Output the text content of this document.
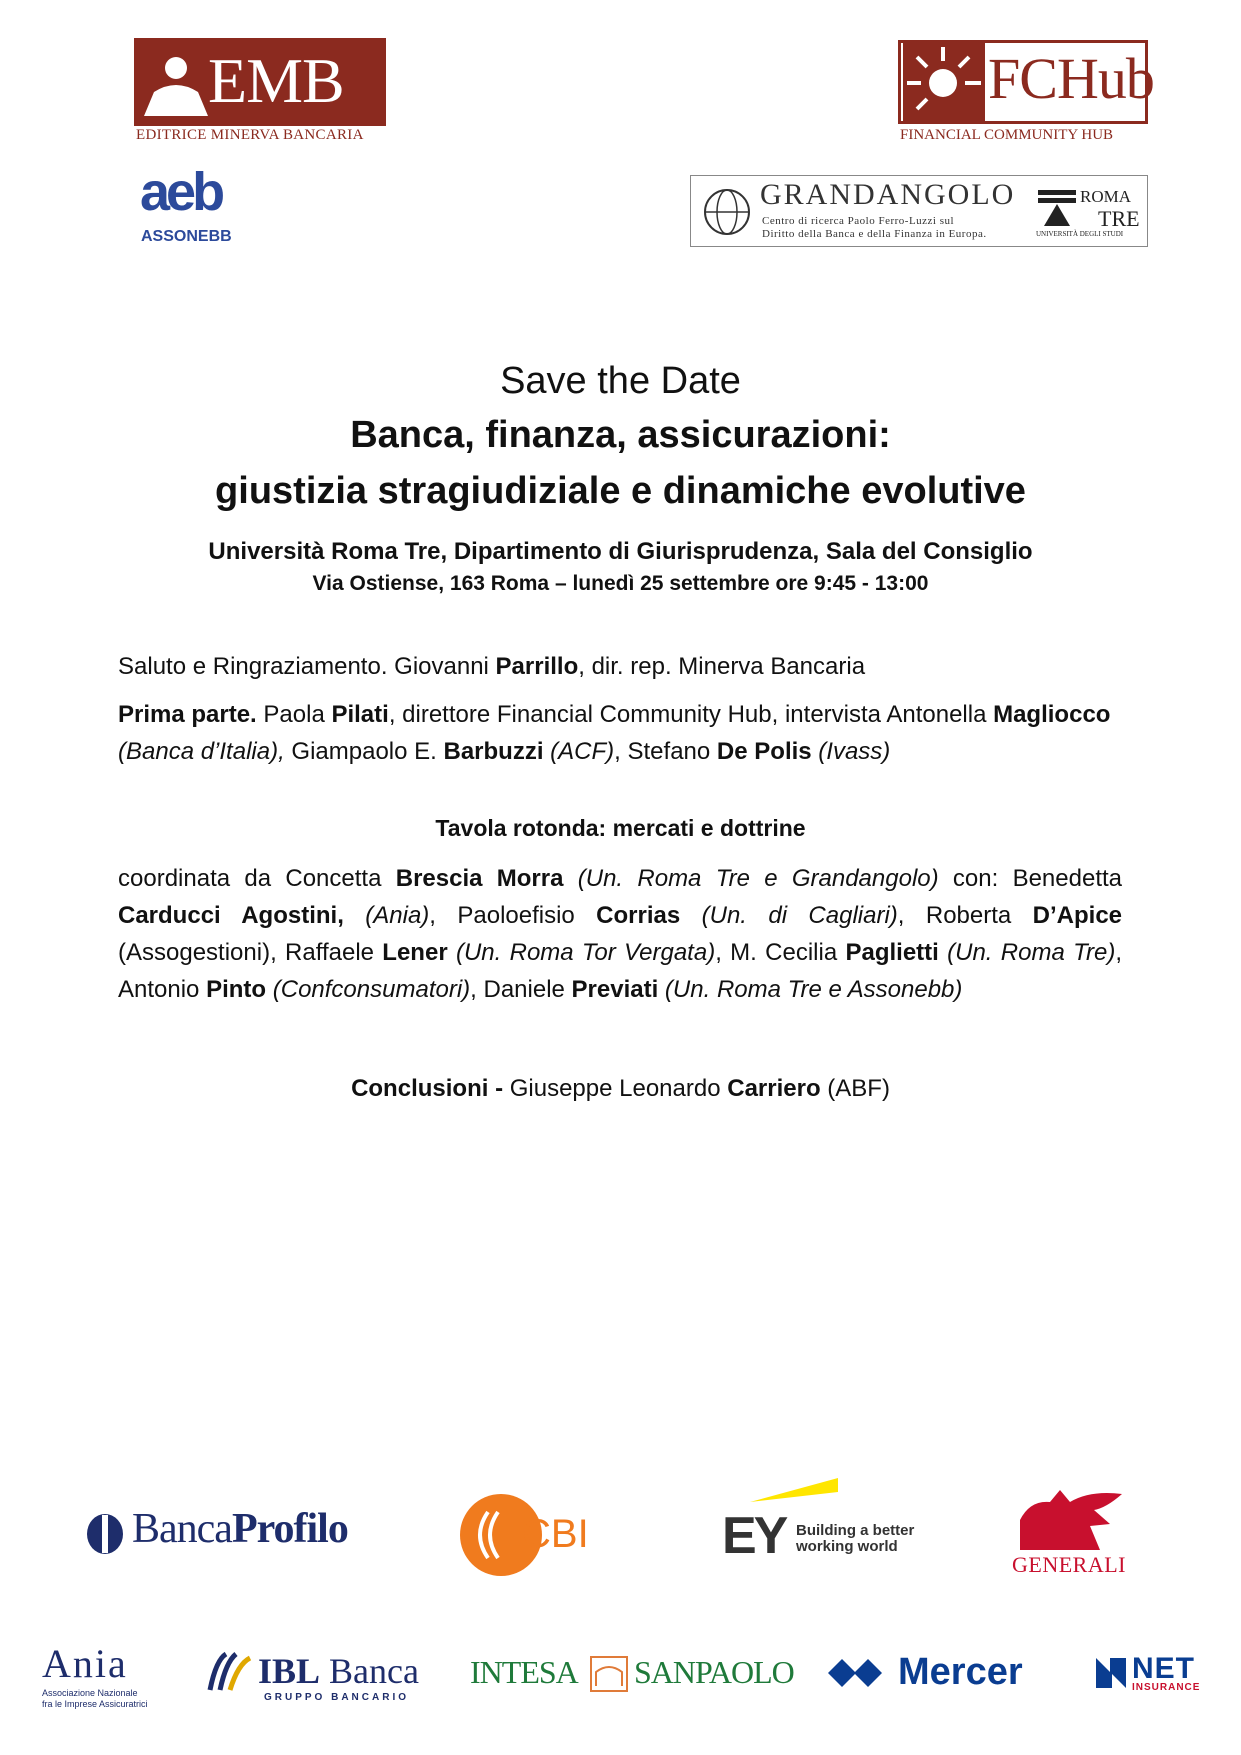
EMB
EDITRICE MINERVA BANCARIA
FCHub
FINANCIAL COMMUNITY HUB
aeb
ASSONEBB
GRANDANGOLO
Centro di ricerca Paolo Ferro-Luzzi sul
Diritto della Banca e della Finanza in Europa.
ROMA
TRE
UNIVERSITÀ DEGLI STUDI
Save the Date
Banca, finanza, assicurazioni:
giustizia stragiudiziale e dinamiche evolutive
Università Roma Tre, Dipartimento di Giurisprudenza, Sala del Consiglio
Via Ostiense, 163 Roma – lunedì 25 settembre ore 9:45 - 13:00
Saluto e Ringraziamento. Giovanni Parrillo, dir. rep. Minerva Bancaria
Prima parte. Paola Pilati, direttore Financial Community Hub, intervista Antonella Magliocco (Banca d’Italia), Giampaolo E. Barbuzzi (ACF), Stefano De Polis (Ivass)
Tavola rotonda: mercati e dottrine
coordinata da Concetta Brescia Morra (Un. Roma Tre e Grandangolo) con: Benedetta Carducci Agostini, (Ania), Paoloefisio Corrias (Un. di Cagliari), Roberta D’Apice (Assogestioni), Raffaele Lener (Un. Roma Tor Vergata), M. Cecilia Paglietti (Un. Roma Tre), Antonio Pinto (Confconsumatori), Daniele Previati (Un. Roma Tre e Assonebb)
Conclusioni - Giuseppe Leonardo Carriero (ABF)
BancaProfilo	CBI	EY Building a better
working world
GENERALI
Ania
Associazione Nazionale
fra le Imprese Assicuratrici
IBL Banca
GRUPPO BANCARIO
INTESA SANPAOLO	Mercer	NET
INSURANCE
